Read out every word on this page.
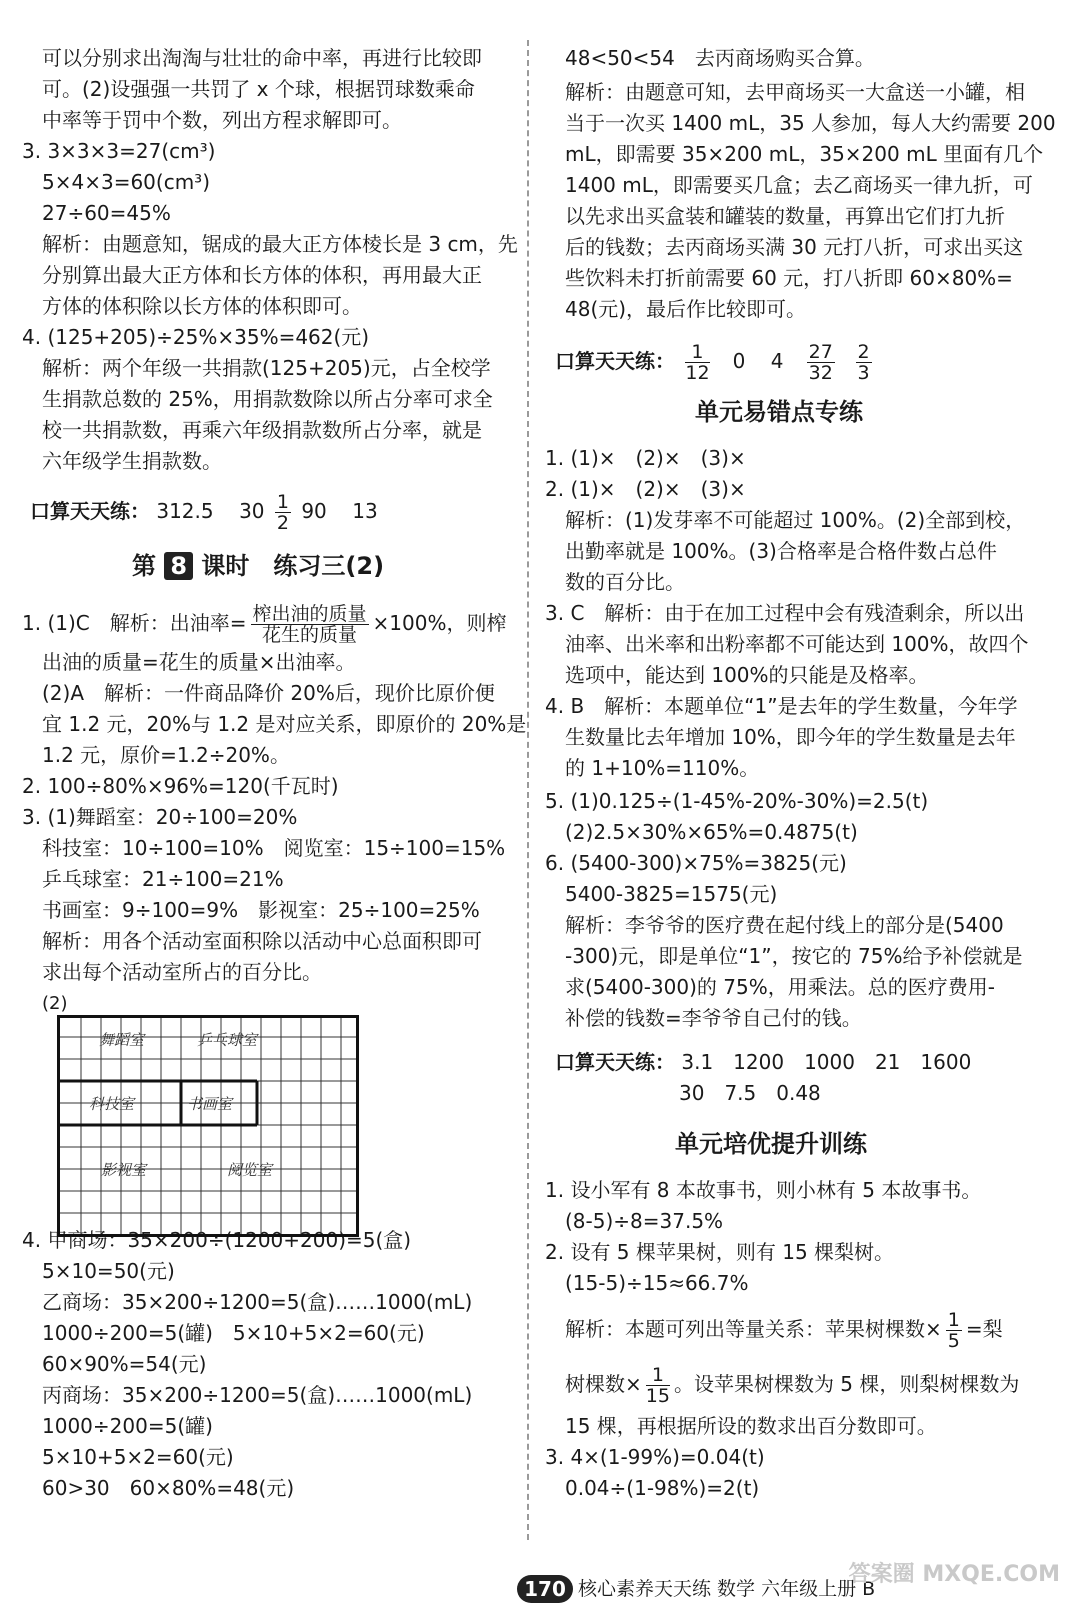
可以分别求出淘淘与壮壮的命中率，再进行比较即
可。(2)设强强一共罚了 x 个球，根据罚球数乘命
中率等于罚中个数，列出方程求解即可。
3. 3×3×3=27(cm³)
5×4×3=60(cm³)
27÷60=45%
解析：由题意知，锯成的最大正方体棱长是 3 cm，先
分别算出最大正方体和长方体的体积，再用最大正
方体的体积除以长方体的体积即可。
4. (125+205)÷25%×35%=462(元)
解析：两个年级一共捐款(125+205)元，占全校学
生捐款总数的 25%，用捐款数除以所占分率可求全
校一共捐款数，再乘六年级捐款数所占分率，就是
六年级学生捐款数。
口算天天练： 312.5 $30 \frac{1}{2} 90$ 13
第 8 课时　练习三(2)
1. (1)C　解析：出油率= $\frac{\text{榨出油的质量}}{\text{花生的质量}} \times 100\%$，则榨
出油的质量=花生的质量×出油率。
(2)A　解析：一件商品降价 20%后，现价比原价便
宜 1.2 元，20%与 1.2 是对应关系，即原价的 20%是
1.2 元，原价=1.2÷20%。
2. 100÷80%×96%=120(千瓦时)
3. (1)舞蹈室：20÷100=20%
科技室：10÷100=10%　阅览室：15÷100=15%
乒乓球室：21÷100=21%
书画室：9÷100=9%　影视室：25÷100=25%
解析：用各个活动室面积除以活动中心总面积即可
求出每个活动室所占的百分比。
(2)
4. 甲商场：35×200÷(1200+200)=5(盒)
5×10=50(元)
乙商场：35×200÷1200=5(盒)……1000(mL)
1000÷200=5(罐)　5×10+5×2=60(元)
60×90%=54(元)
丙商场：35×200÷1200=5(盒)……1000(mL)
1000÷200=5(罐)
5×10+5×2=60(元)
60>30　60×80%=48(元)
舞蹈室	乒乓球室
科技室	书画室
影视室	阅览室
48<50<54　去丙商场购买合算。
解析：由题意可知，去甲商场买一大盒送一小罐，相
当于一次买 1400 mL，35 人参加，每人大约需要 200
mL，即需要 35×200 mL，35×200 mL 里面有几个
1400 mL，即需要买几盒；去乙商场买一律九折，可
以先求出买盒装和罐装的数量，再算出它们打九折
后的钱数；去丙商场买满 30 元打八折，可求出买这
些饮料未打折前需要 60 元，打八折即 60×80%=
48(元)，最后作比较即可。
口算天天练： $\frac{1}{12} 0$ $4 \frac{27}{32}$
$\frac{2}{3}$
单元易错点专练
1. (1)×　(2)×　(3)×
2. (1)×　(2)×　(3)×
解析：(1)发芽率不可能超过 100%。(2)全部到校，
出勤率就是 100%。(3)合格率是合格件数占总件
数的百分比。
3. C　解析：由于在加工过程中会有残渣剩余，所以出
油率、出米率和出粉率都不可能达到 100%，故四个
选项中，能达到 100%的只能是及格率。
4. B　解析：本题单位“1”是去年的学生数量，今年学
生数量比去年增加 10%，即今年的学生数量是去年
的 1+10%=110%。
5. (1)0.125÷(1-45%-20%-30%)=2.5(t)
(2)2.5×30%×65%=0.4875(t)
6. (5400-300)×75%=3825(元)
5400-3825=1575(元)
解析：李爷爷的医疗费在起付线上的部分是(5400
-300)元，即是单位“1”，按它的 75%给予补偿就是
求(5400-300)的 75%，用乘法。总的医疗费用-
补偿的钱数=李爷爷自己付的钱。
口算天天练： 3.1　1200　1000　21　1600
30　7.5　0.48
单元培优提升训练
1. 设小军有 8 本故事书，则小林有 5 本故事书。
(8-5)÷8=37.5%
2. 设有 5 棵苹果树，则有 15 棵梨树。
(15-5)÷15≈66.7%
解析：本题可列出等量关系：苹果树棵数× $\frac{1}{5}$ =梨
树棵数× $\frac{1}{15}$ 。设苹果树棵数为 5 棵，则梨树棵数为
15 棵，再根据所设的数求出百分数即可。
3. 4×(1-99%)=0.04(t)
0.04÷(1-98%)=2(t)
170 核心素养天天练 数学 六年级上册 B
答案圈 MXQE.COM
